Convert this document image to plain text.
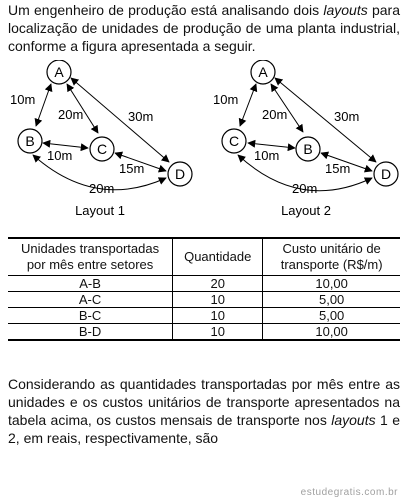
Um engenheiro de produção está analisando dois layouts para localização de unidades de produção de uma planta industrial, conforme a figura apresentada a seguir.
A
B	C
D
10m
20m	30m
10m
15m
20m
Layout 1
A
C	B
D
10m
20m	30m
10m
15m
20m
Layout 2
Unidades transportadas
por mês entre setores	Quantidade	Custo unitário de
transporte (R$/m)
A-B	20	10,00
A-C	10	5,00
B-C	10	5,00
B-D	10	10,00
Considerando as quantidades transportadas por mês entre as unidades e os custos unitários de transporte apresentados na tabela acima, os custos mensais de transporte nos layouts 1 e 2, em reais, respectivamente, são
estudegratis.com.br
